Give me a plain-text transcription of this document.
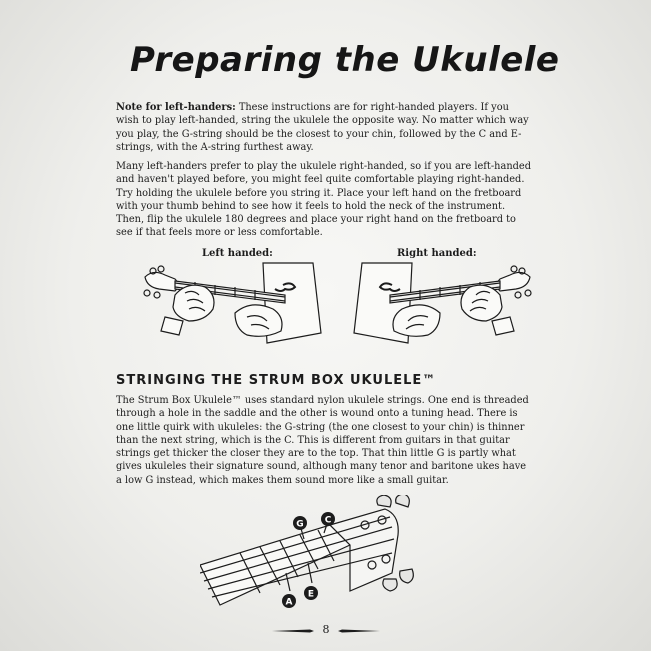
Preparing the Ukulele

Note for left-handers: These instructions are for right-handed players. If you wish to play left-handed, string the ukulele the opposite way. No matter which way you play, the G-string should be the closest to your chin, followed by the C and E-strings, with the A-string furthest away.

Many left-handers prefer to play the ukulele right-handed, so if you are left-handed and haven't played before, you might feel quite comfortable playing right-handed. Try holding the ukulele before you string it. Place your left hand on the fretboard with your thumb behind to see how it feels to hold the neck of the instrument. Then, flip the ukulele 180 degrees and place your right hand on the fretboard to see if that feels more or less comfortable.

Left handed:	Right handed:
STRINGING THE STRUM BOX UKULELE™

The Strum Box Ukulele™ uses standard nylon ukulele strings. One end is threaded through a hole in the saddle and the other is wound onto a tuning head. There is one little quirk with ukuleles: the G-string (the one closest to your chin) is thinner than the next string, which is the C. This is different from guitars in that guitar strings get thicker the closer they are to the top. That thin little G is partly what gives ukuleles their signature sound, although many tenor and baritone ukes have a low G instead, which makes them sound more like a small guitar.

G C
A
E
8
